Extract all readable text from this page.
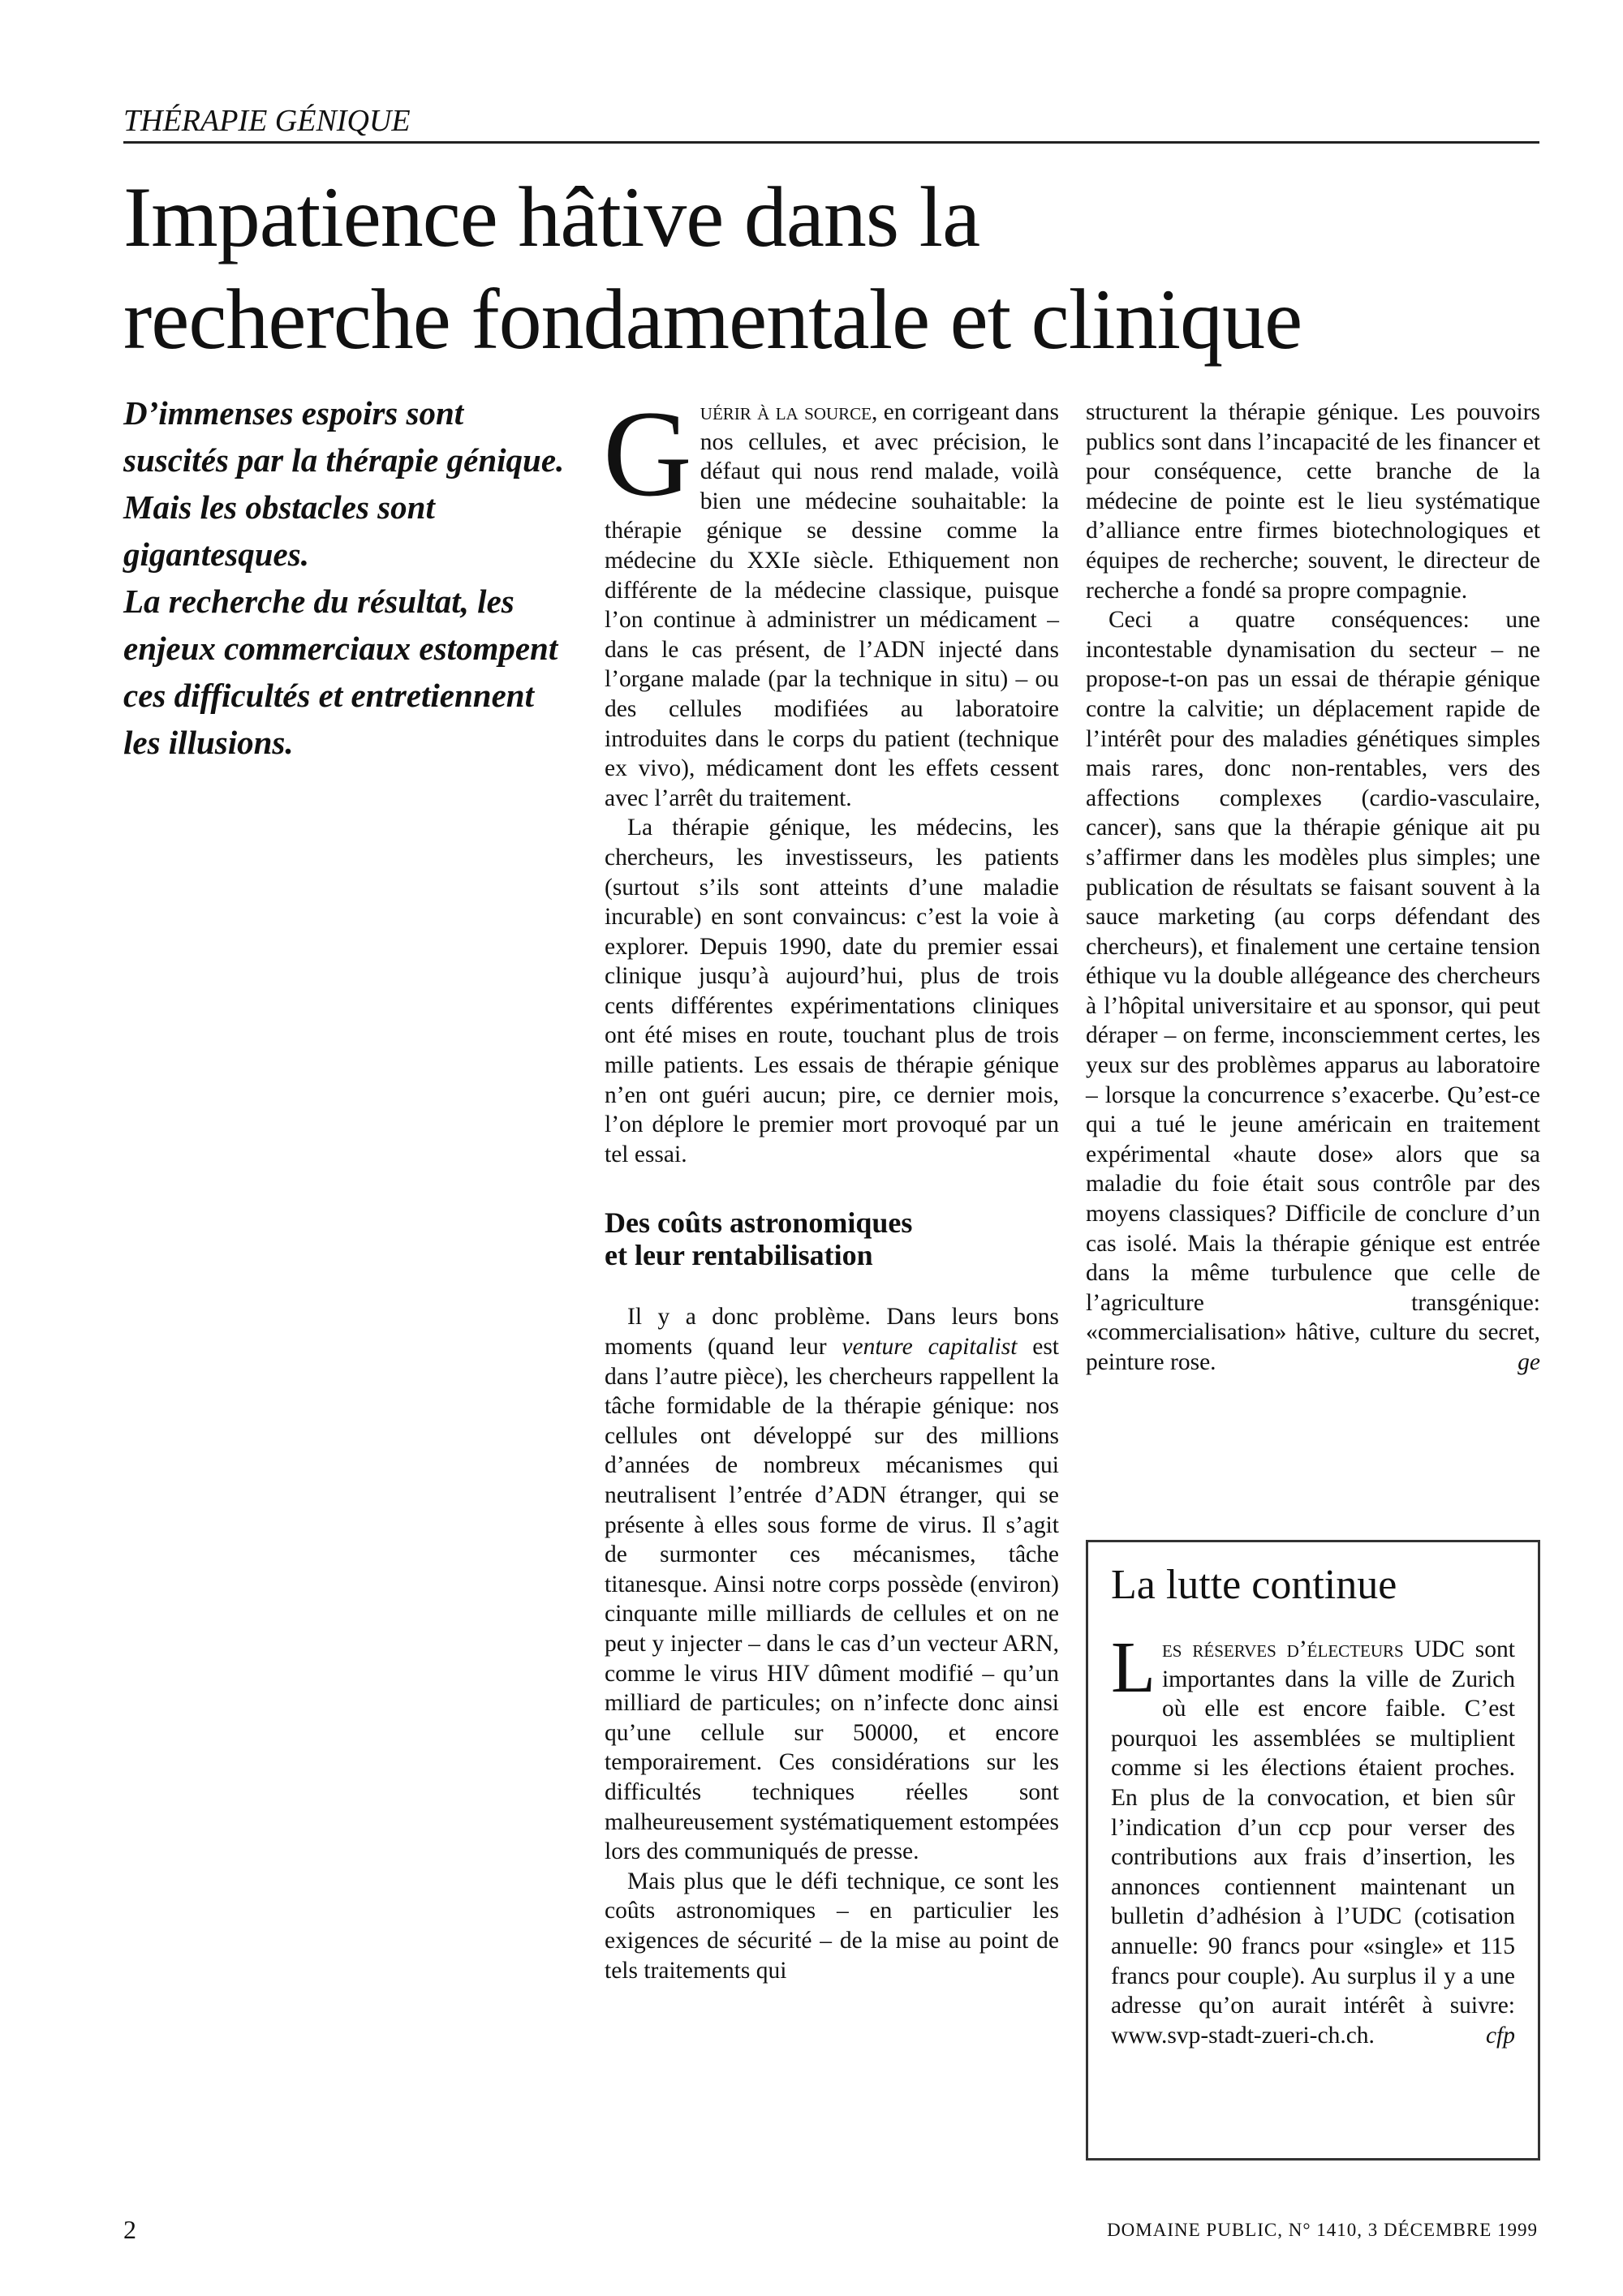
THÉRAPIE GÉNIQUE
Impatience hâtive dans la
recherche fondamentale et clinique

D’immenses espoirs sont suscités par la thérapie génique. Mais les obstacles sont gigantesques.

La recherche du résultat, les enjeux commerciaux estompent ces difficultés et entretiennent les illusions.

Guérir à la source, en corrigeant dans nos cellules, et avec précision, le défaut qui nous rend malade, voilà bien une médecine souhaitable: la thérapie génique se dessine comme la médecine du XXIe siècle. Ethiquement non différente de la médecine classique, puisque l’on continue à administrer un médicament – dans le cas présent, de l’ADN injecté dans l’organe malade (par la technique in situ) – ou des cellules modifiées au laboratoire introduites dans le corps du patient (technique ex vivo), médicament dont les effets cessent avec l’arrêt du traitement.

La thérapie génique, les médecins, les chercheurs, les investisseurs, les patients (surtout s’ils sont atteints d’une maladie incurable) en sont convaincus: c’est la voie à explorer. Depuis 1990, date du premier essai clinique jusqu’à aujourd’hui, plus de trois cents différentes expérimentations cliniques ont été mises en route, touchant plus de trois mille patients. Les essais de thérapie génique n’en ont guéri aucun; pire, ce dernier mois, l’on déplore le premier mort provoqué par un tel essai.

Des coûts astronomiques
et leur rentabilisation

Il y a donc problème. Dans leurs bons moments (quand leur venture capitalist est dans l’autre pièce), les chercheurs rappellent la tâche formidable de la thérapie génique: nos cellules ont développé sur des millions d’années de nombreux mécanismes qui neutralisent l’entrée d’ADN étranger, qui se présente à elles sous forme de virus. Il s’agit de surmonter ces mécanismes, tâche titanesque. Ainsi notre corps possède (environ) cinquante mille milliards de cellules et on ne peut y injecter – dans le cas d’un vecteur ARN, comme le virus HIV dûment modifié – qu’un milliard de particules; on n’infecte donc ainsi qu’une cellule sur 50000, et encore temporairement. Ces considérations sur les difficultés techniques réelles sont malheureusement systématiquement estompées lors des communiqués de presse.

Mais plus que le défi technique, ce sont les coûts astronomiques – en particulier les exigences de sécurité – de la mise au point de tels traitements qui

structurent la thérapie génique. Les pouvoirs publics sont dans l’incapacité de les financer et pour conséquence, cette branche de la médecine de pointe est le lieu systématique d’alliance entre firmes biotechnologiques et équipes de recherche; souvent, le directeur de recherche a fondé sa propre compagnie.

Ceci a quatre conséquences: une incontestable dynamisation du secteur – ne propose-t-on pas un essai de thérapie génique contre la calvitie; un déplacement rapide de l’intérêt pour des maladies génétiques simples mais rares, donc non-rentables, vers des affections complexes (cardio-vasculaire, cancer), sans que la thérapie génique ait pu s’affirmer dans les modèles plus simples; une publication de résultats se faisant souvent à la sauce marketing (au corps défendant des chercheurs), et finalement une certaine tension éthique vu la double allégeance des chercheurs à l’hôpital universitaire et au sponsor, qui peut déraper – on ferme, inconsciemment certes, les yeux sur des problèmes apparus au laboratoire – lorsque la concurrence s’exacerbe. Qu’est-ce qui a tué le jeune américain en traitement expérimental «haute dose» alors que sa maladie du foie était sous contrôle par des moyens classiques? Difficile de conclure d’un cas isolé. Mais la thérapie génique est entrée dans la même turbulence que celle de l’agriculture transgénique: «commercialisation» hâtive, culture du secret, peinture rose.	ge

La lutte continue

Les réserves d’électeurs UDC sont importantes dans la ville de Zurich où elle est encore faible. C’est pourquoi les assemblées se multiplient comme si les élections étaient proches. En plus de la convocation, et bien sûr l’indication d’un ccp pour verser des contributions aux frais d’insertion, les annonces contiennent maintenant un bulletin d’adhésion à l’UDC (cotisation annuelle: 90 francs pour «single» et 115 francs pour couple). Au surplus il y a une adresse qu’on aurait intérêt à suivre: www.svp-stadt-zueri-ch.ch.	cfp

2	DOMAINE PUBLIC, N° 1410, 3 DÉCEMBRE 1999
